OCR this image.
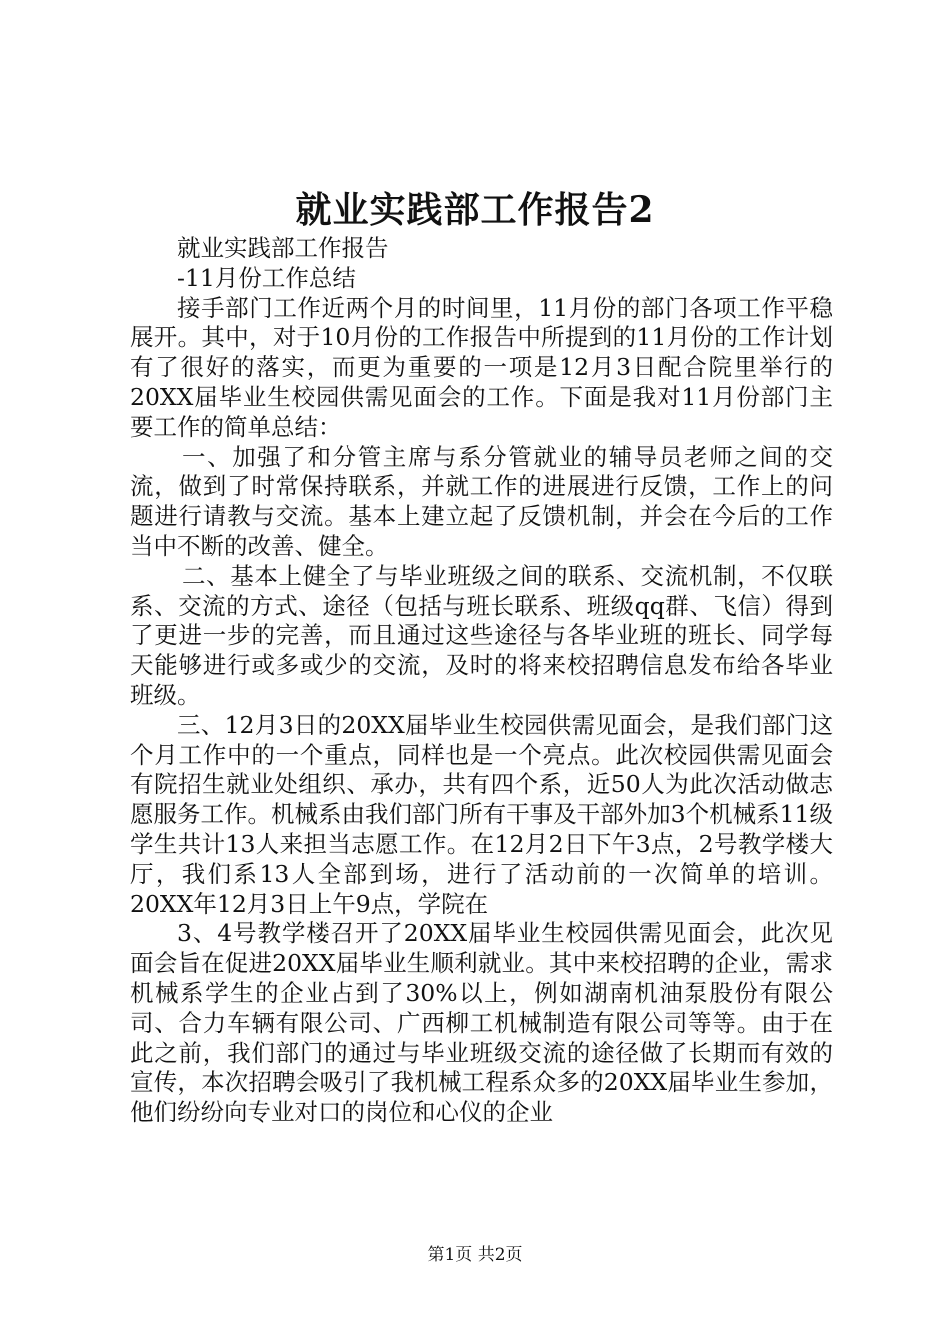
就业实践部工作报告2

就业实践部工作报告

-11月份工作总结

接手部门工作近两个月的时间里，11月份的部门各项工作平稳展开。其中，对于10月份的工作报告中所提到的11月份的工作计划有了很好的落实，而更为重要的一项是12月3日配合院里举行的20XX届毕业生校园供需见面会的工作。下面是我对11月份部门主要工作的简单总结：

一、加强了和分管主席与系分管就业的辅导员老师之间的交流，做到了时常保持联系，并就工作的进展进行反馈，工作上的问题进行请教与交流。基本上建立起了反馈机制，并会在今后的工作当中不断的改善、健全。

二、基本上健全了与毕业班级之间的联系、交流机制，不仅联系、交流的方式、途径（包括与班长联系、班级qq群、飞信）得到了更进一步的完善，而且通过这些途径与各毕业班的班长、同学每天能够进行或多或少的交流，及时的将来校招聘信息发布给各毕业班级。

三、12月3日的20XX届毕业生校园供需见面会，是我们部门这个月工作中的一个重点，同样也是一个亮点。此次校园供需见面会有院招生就业处组织、承办，共有四个系，近50人为此次活动做志愿服务工作。机械系由我们部门所有干事及干部外加3个机械系11级学生共计13人来担当志愿工作。在12月2日下午3点，2号教学楼大厅，我们系13人全部到场，进行了活动前的一次简单的培训。20XX年12月3日上午9点，学院在

3、4号教学楼召开了20XX届毕业生校园供需见面会，此次见面会旨在促进20XX届毕业生顺利就业。其中来校招聘的企业，需求机械系学生的企业占到了30%以上，例如湖南机油泵股份有限公司、合力车辆有限公司、广西柳工机械制造有限公司等等。由于在此之前，我们部门的通过与毕业班级交流的途径做了长期而有效的宣传，本次招聘会吸引了我机械工程系众多的20XX届毕业生参加，他们纷纷向专业对口的岗位和心仪的企业

第1页 共2页
